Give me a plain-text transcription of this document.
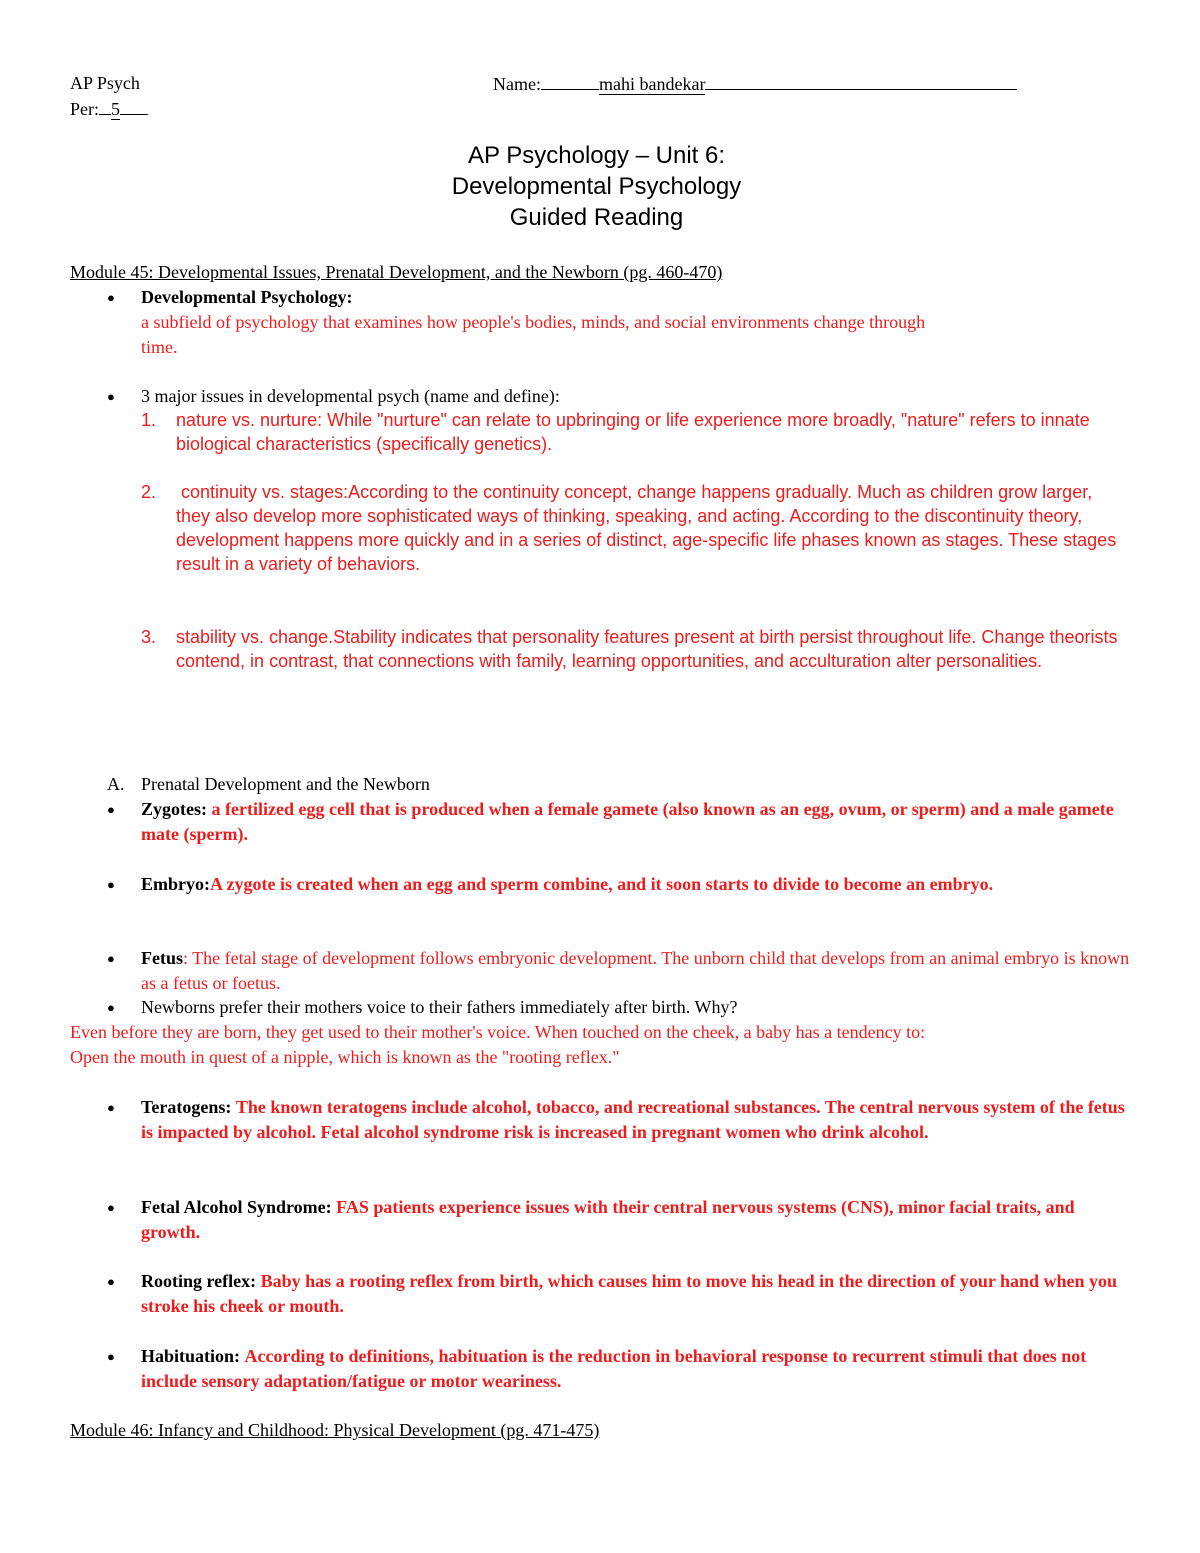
AP Psych
Per: 5
Name:	mahi bandekar
AP Psychology – Unit 6:
Developmental Psychology
Guided Reading
Module 45: Developmental Issues, Prenatal Development, and the Newborn (pg. 460-470)
● Developmental Psychology:
a subfield of psychology that examines how people's bodies, minds, and social environments change through
time.
● 3 major issues in developmental psych (name and define):
1. nature vs. nurture: While "nurture" can relate to upbringing or life experience more broadly, "nature" refers to innate biological characteristics (specifically genetics).
2. continuity vs. stages:According to the continuity concept, change happens gradually. Much as children grow larger, they also develop more sophisticated ways of thinking, speaking, and acting. According to the discontinuity theory, development happens more quickly and in a series of distinct, age-specific life phases known as stages. These stages result in a variety of behaviors.
3. stability vs. change.Stability indicates that personality features present at birth persist throughout life. Change theorists contend, in contrast, that connections with family, learning opportunities, and acculturation alter personalities.
A. Prenatal Development and the Newborn
● Zygotes: a fertilized egg cell that is produced when a female gamete (also known as an egg, ovum, or sperm) and a male gamete mate (sperm).
● Embryo:A zygote is created when an egg and sperm combine, and it soon starts to divide to become an embryo.
● Fetus: The fetal stage of development follows embryonic development. The unborn child that develops from an animal embryo is known as a fetus or foetus.
● Newborns prefer their mothers voice to their fathers immediately after birth. Why?
Even before they are born, they get used to their mother's voice. When touched on the cheek, a baby has a tendency to:
Open the mouth in quest of a nipple, which is known as the "rooting reflex."
● Teratogens: The known teratogens include alcohol, tobacco, and recreational substances. The central nervous system of the fetus is impacted by alcohol. Fetal alcohol syndrome risk is increased in pregnant women who drink alcohol.
● Fetal Alcohol Syndrome: FAS patients experience issues with their central nervous systems (CNS), minor facial traits, and growth.
● Rooting reflex: Baby has a rooting reflex from birth, which causes him to move his head in the direction of your hand when you stroke his cheek or mouth.
● Habituation: According to definitions, habituation is the reduction in behavioral response to recurrent stimuli that does not include sensory adaptation/fatigue or motor weariness.
Module 46: Infancy and Childhood: Physical Development (pg. 471-475)
